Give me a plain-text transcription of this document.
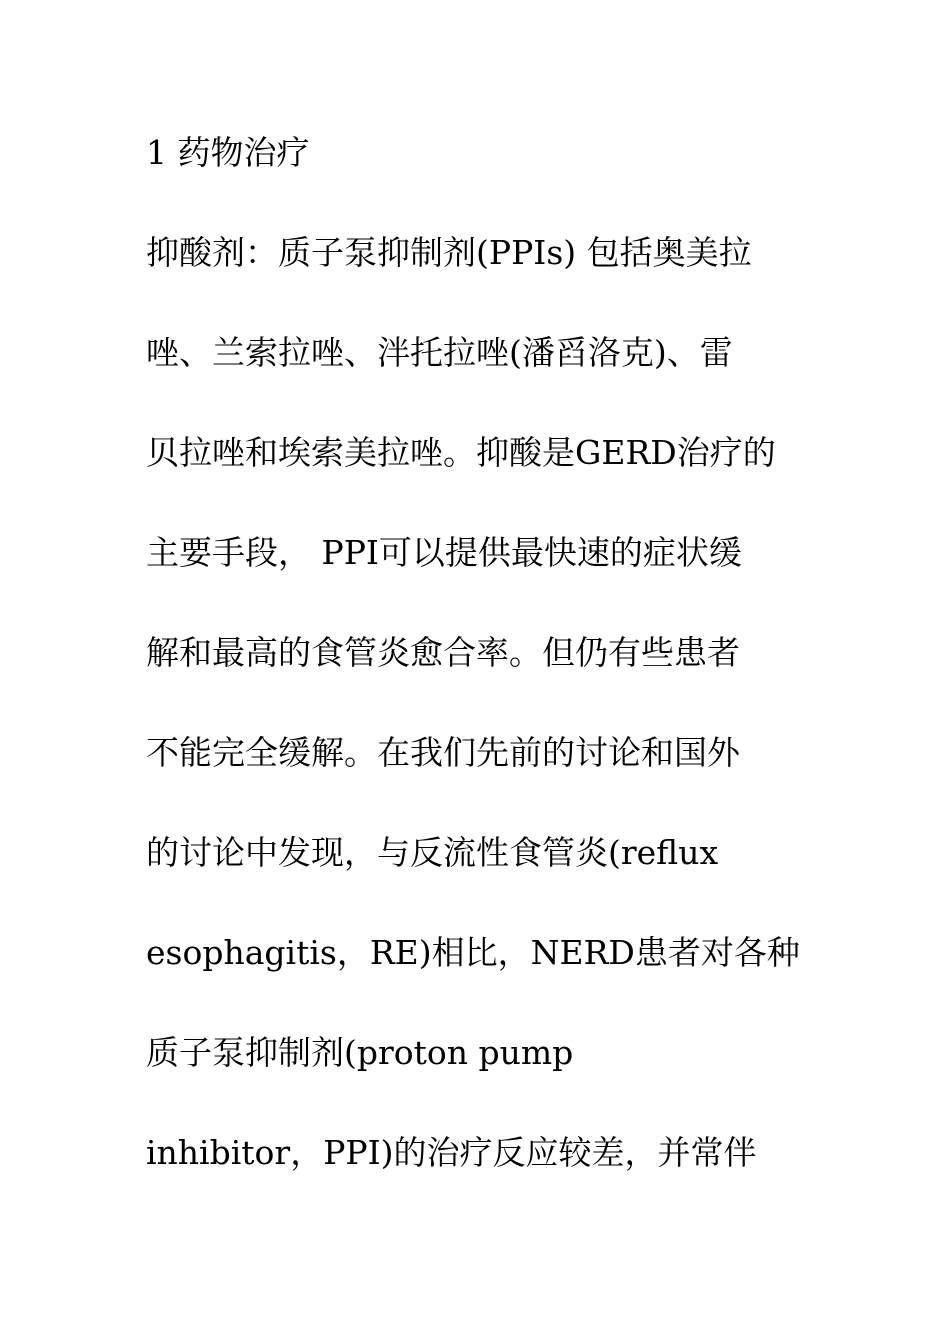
1 药物治疗
抑酸剂：质子泵抑制剂(PPIs) 包括奥美拉
唑、兰索拉唑、泮托拉唑(潘舀洛克)、雷
贝拉唑和埃索美拉唑。抑酸是GERD治疗的
主要手段， PPI可以提供最快速的症状缓
解和最高的食管炎愈合率。但仍有些患者
不能完全缓解。在我们先前的讨论和国外
的讨论中发现，与反流性食管炎(reflux
esophagitis，RE)相比，NERD患者对各种
质子泵抑制剂(proton pump
inhibitor，PPI)的治疗反应较差，并常伴
